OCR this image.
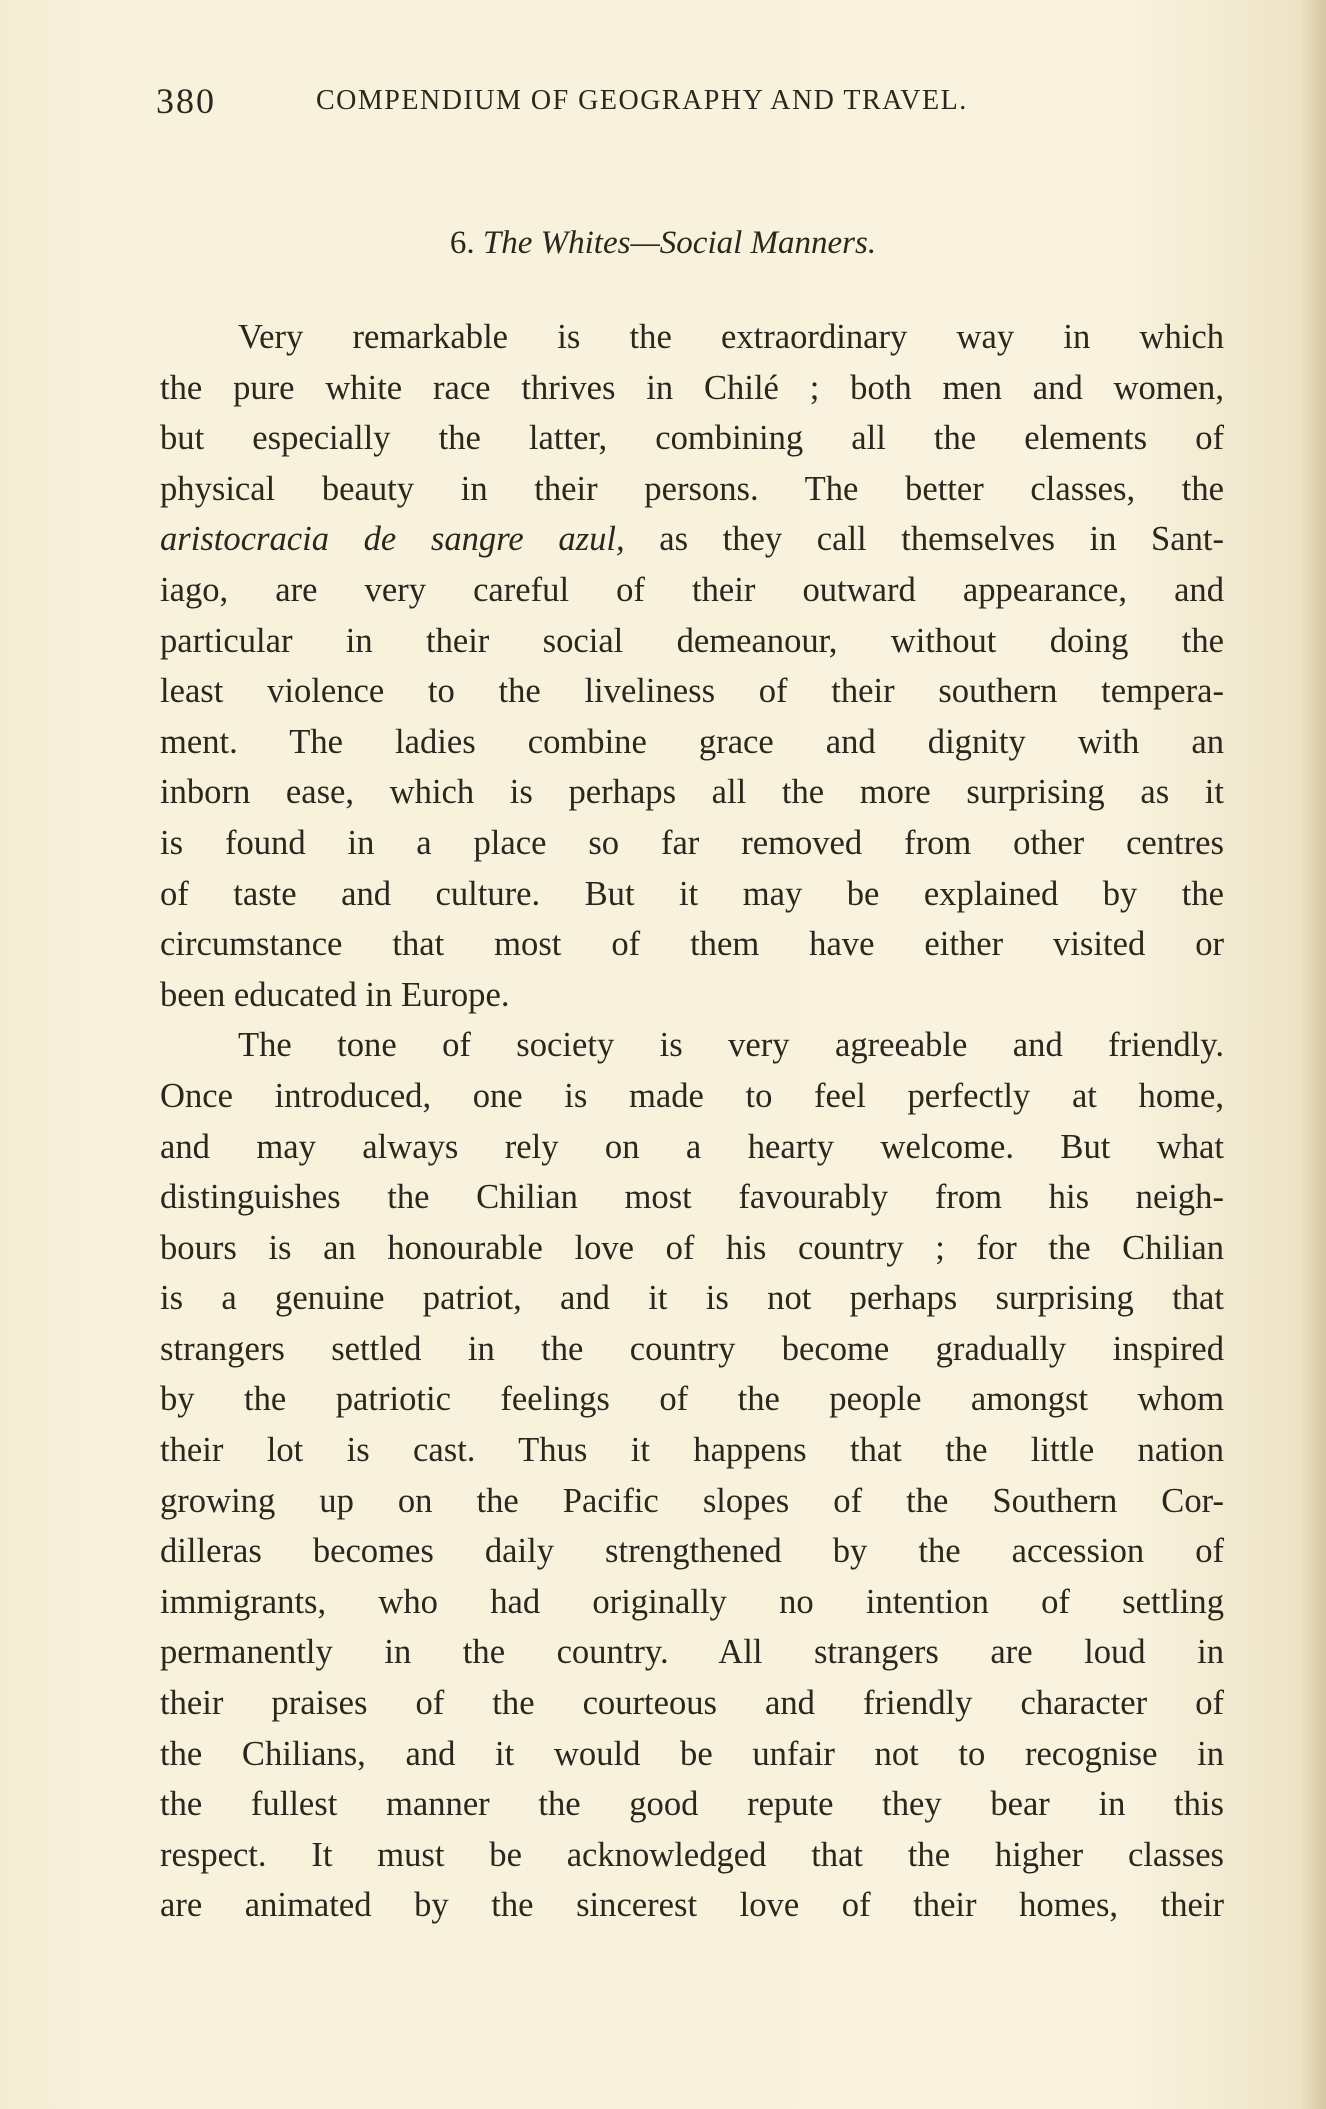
380	COMPENDIUM OF GEOGRAPHY AND TRAVEL.
6. The Whites—Social Manners.
Very remarkable is the extraordinary way in which
the pure white race thrives in Chilé ; both men and women,
but especially the latter, combining all the elements of
physical beauty in their persons. The better classes, the
aristocracia de sangre azul, as they call themselves in Sant-
iago, are very careful of their outward appearance, and
particular in their social demeanour, without doing the
least violence to the liveliness of their southern tempera-
ment. The ladies combine grace and dignity with an
inborn ease, which is perhaps all the more surprising as it
is found in a place so far removed from other centres
of taste and culture. But it may be explained by the
circumstance that most of them have either visited or
been educated in Europe.
The tone of society is very agreeable and friendly.
Once introduced, one is made to feel perfectly at home,
and may always rely on a hearty welcome. But what
distinguishes the Chilian most favourably from his neigh-
bours is an honourable love of his country ; for the Chilian
is a genuine patriot, and it is not perhaps surprising that
strangers settled in the country become gradually inspired
by the patriotic feelings of the people amongst whom
their lot is cast. Thus it happens that the little nation
growing up on the Pacific slopes of the Southern Cor-
dilleras becomes daily strengthened by the accession of
immigrants, who had originally no intention of settling
permanently in the country. All strangers are loud in
their praises of the courteous and friendly character of
the Chilians, and it would be unfair not to recognise in
the fullest manner the good repute they bear in this
respect. It must be acknowledged that the higher classes
are animated by the sincerest love of their homes, their
